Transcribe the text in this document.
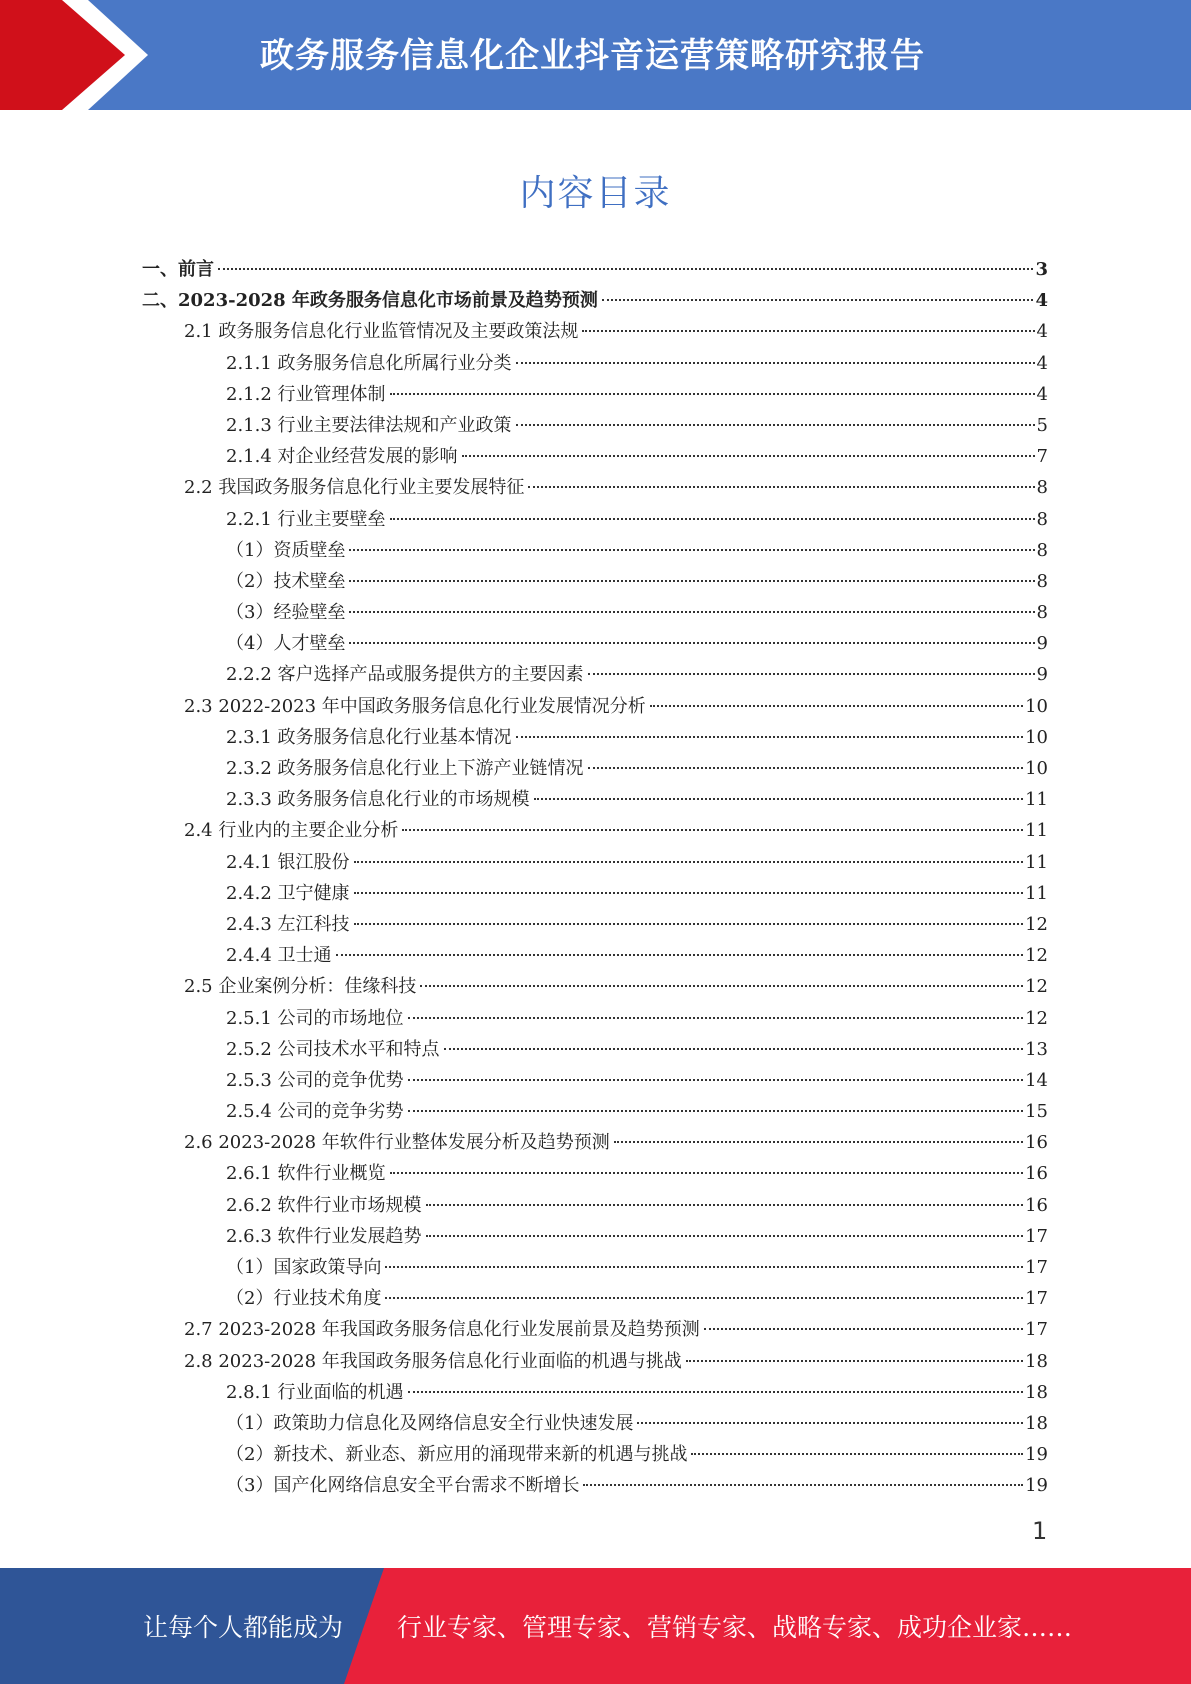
政务服务信息化企业抖音运营策略研究报告
内容目录
一、前言	3
二、2023-2028 年政务服务信息化市场前景及趋势预测	4
2.1 政务服务信息化行业监管情况及主要政策法规	4
2.1.1 政务服务信息化所属行业分类	4
2.1.2 行业管理体制	4
2.1.3 行业主要法律法规和产业政策	5
2.1.4 对企业经营发展的影响	7
2.2 我国政务服务信息化行业主要发展特征	8
2.2.1 行业主要壁垒	8
（1）资质壁垒	8
（2）技术壁垒	8
（3）经验壁垒	8
（4）人才壁垒	9
2.2.2 客户选择产品或服务提供方的主要因素	9
2.3 2022-2023 年中国政务服务信息化行业发展情况分析	10
2.3.1 政务服务信息化行业基本情况	10
2.3.2 政务服务信息化行业上下游产业链情况	10
2.3.3 政务服务信息化行业的市场规模	11
2.4 行业内的主要企业分析	11
2.4.1 银江股份	11
2.4.2 卫宁健康	11
2.4.3 左江科技	12
2.4.4 卫士通	12
2.5 企业案例分析：佳缘科技	12
2.5.1 公司的市场地位	12
2.5.2 公司技术水平和特点	13
2.5.3 公司的竞争优势	14
2.5.4 公司的竞争劣势	15
2.6 2023-2028 年软件行业整体发展分析及趋势预测	16
2.6.1 软件行业概览	16
2.6.2 软件行业市场规模	16
2.6.3 软件行业发展趋势	17
（1）国家政策导向	17
（2）行业技术角度	17
2.7 2023-2028 年我国政务服务信息化行业发展前景及趋势预测	17
2.8 2023-2028 年我国政务服务信息化行业面临的机遇与挑战	18
2.8.1 行业面临的机遇	18
（1）政策助力信息化及网络信息安全行业快速发展	18
（2）新技术、新业态、新应用的涌现带来新的机遇与挑战	19
（3）国产化网络信息安全平台需求不断增长	19
1
让每个人都能成为 行业专家、管理专家、营销专家、战略专家、成功企业家……
